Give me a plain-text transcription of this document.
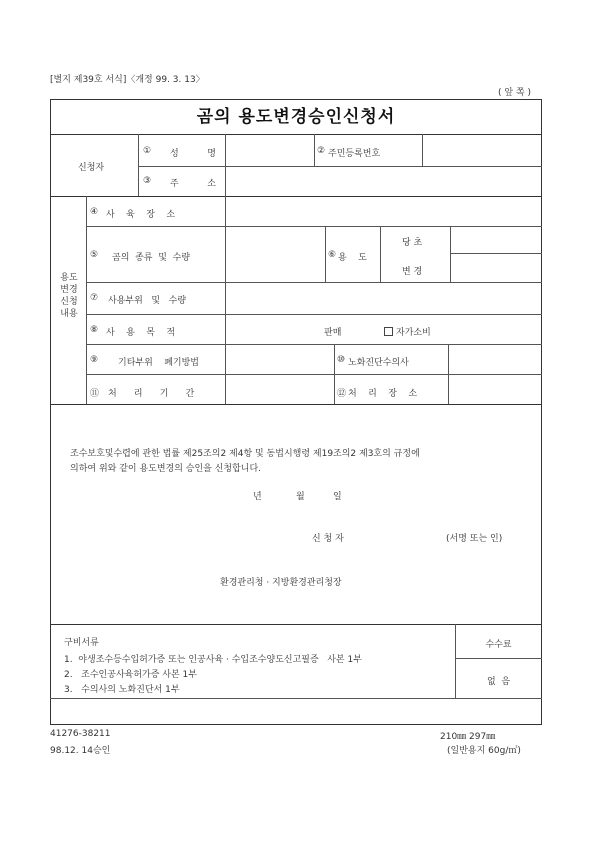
[별지 제39호 서식]〈개정 99. 3. 13〉
( 앞 쪽 )
곰의 용도변경승인신청서
신청자
① 성          명	② 주민등록번호
③ 주          소
용도
변경
신청
내용
④ 사    육    장    소
⑤ 곰의  종류  및  수량	⑥ 용    도
당 초
변 경
⑦ 사용부위   및   수량
⑧ 사    용    목    적	판매	자가소비
⑨ 기타부위    폐기방법	⑩ 노화진단수의사
⑪ 처      리      기      간	⑫ 처    리    장    소
조수보호및수렵에 관한 법률 제25조의2 제4항 및 동법시행령 제19조의2 제3호의 규정에
의하여 위와 같이 용도변경의 승인을 신청합니다.
년	월	일
신 청 자	(서명 또는 인)
환경관리청 · 지방환경관리청장
구비서류
1.  야생조수등수입허가증 또는 인공사육 · 수입조수양도신고필증   사본 1부
2.   조수인공사육허가증 사본 1부
3.   수의사의 노화진단서 1부
수수료
없  음
41276-38211
98.12. 14승인
210㎜ 297㎜
(일반용지 60g/㎡)
